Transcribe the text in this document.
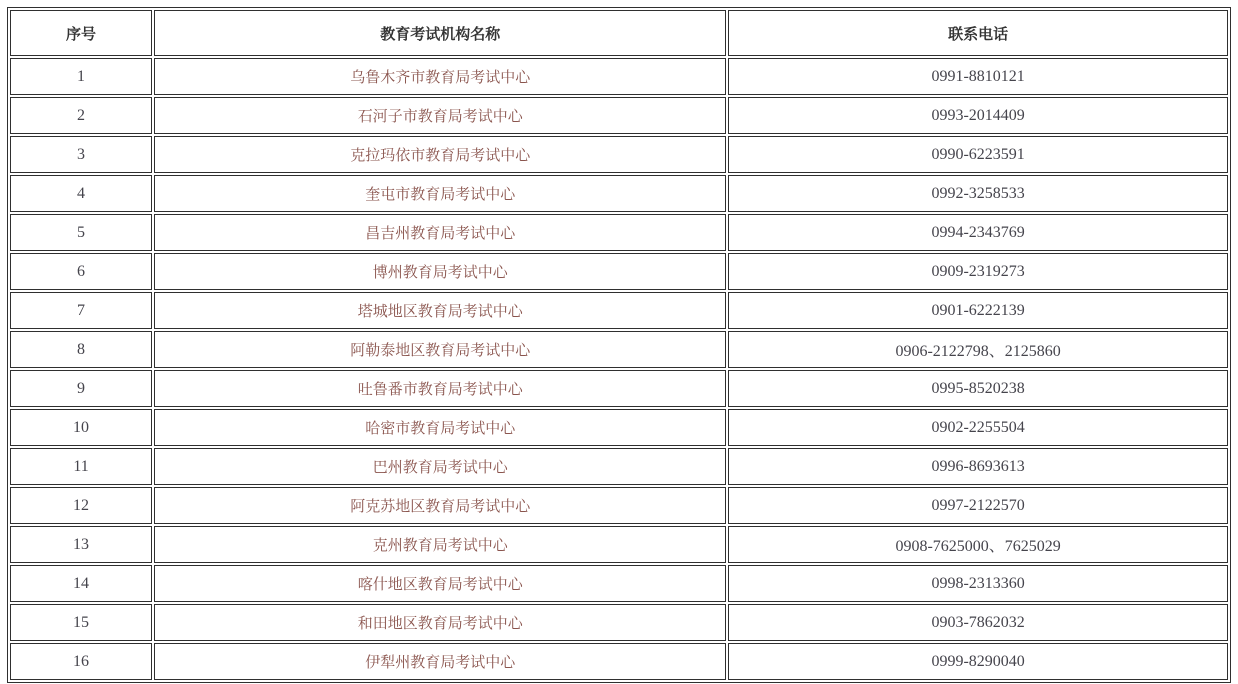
序号	教育考试机构名称	联系电话
1	乌鲁木齐市教育局考试中心	0991-8810121
2	石河子市教育局考试中心	0993-2014409
3	克拉玛依市教育局考试中心	0990-6223591
4	奎屯市教育局考试中心	0992-3258533
5	昌吉州教育局考试中心	0994-2343769
6	博州教育局考试中心	0909-2319273
7	塔城地区教育局考试中心	0901-6222139
8	阿勒泰地区教育局考试中心	0906-2122798、2125860
9	吐鲁番市教育局考试中心	0995-8520238
10	哈密市教育局考试中心	0902-2255504
11	巴州教育局考试中心	0996-8693613
12	阿克苏地区教育局考试中心	0997-2122570
13	克州教育局考试中心	0908-7625000、7625029
14	喀什地区教育局考试中心	0998-2313360
15	和田地区教育局考试中心	0903-7862032
16	伊犁州教育局考试中心	0999-8290040
